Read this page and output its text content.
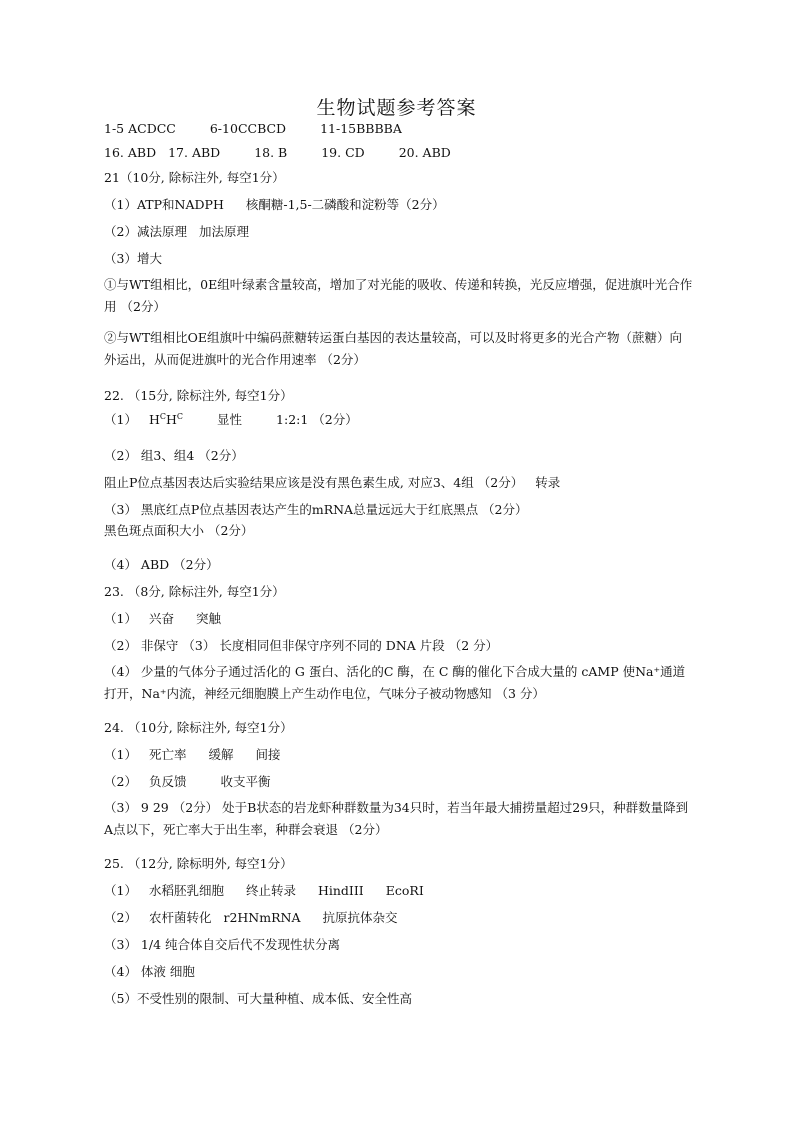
生物试题参考答案
1-5 ACDCC	6-10CCBCD	11-15BBBBA
16. ABD 17. ABD	18. B	19. CD	20. ABD
21（10分, 除标注外, 每空1分）
（1）ATP和NADPH 核酮糖-1,5-二磷酸和淀粉等（2分）
（2）减法原理 加法原理
（3）增大
①与WT组相比，0E组叶绿素含量较高，增加了对光能的吸收、传递和转换，光反应增强，促进旗叶光合作用 （2分）
②与WT组相比OE组旗叶中编码蔗糖转运蛋白基因的表达量较高，可以及时将更多的光合产物（蔗糖）向外运出，从而促进旗叶的光合作用速率 （2分）
22. （15分, 除标注外, 每空1分）
（1） $H^CH^C$	显性	1:2:1 （2分）
（2） 组3、组4 （2分）
阻止P位点基因表达后实验结果应该是没有黑色素生成, 对应3、4组 （2分） 转录
（3） 黑底红点P位点基因表达产生的mRNA总量远远大于红底黑点 （2分）
黑色斑点面积大小 （2分）
（4） ABD （2分）
23. （8分, 除标注外, 每空1分）
（1） 兴奋 突触
（2） 非保守 （3） 长度相同但非保守序列不同的 DNA 片段 （2 分）
（4） 少量的气体分子通过活化的 G 蛋白、活化的C 酶，在 C 酶的催化下合成大量的 cAMP 使Na⁺通道打开，Na⁺内流，神经元细胞膜上产生动作电位，气味分子被动物感知 （3 分）
24. （10分, 除标注外, 每空1分）
（1） 死亡率 缓解 间接
（2） 负反馈	收支平衡
（3） 9 29 （2分） 处于B状态的岩龙虾种群数量为34只时，若当年最大捕捞量超过29只，种群数量降到A点以下，死亡率大于出生率，种群会衰退 （2分）
25. （12分, 除标明外, 每空1分）
（1） 水稻胚乳细胞 终止转录 HindIII EcoRI
（2） 农杆菌转化 r2HNmRNA 抗原抗体杂交
（3） 1/4 纯合体自交后代不发现性状分离
（4） 体液 细胞
（5）不受性别的限制、可大量种植、成本低、安全性高
